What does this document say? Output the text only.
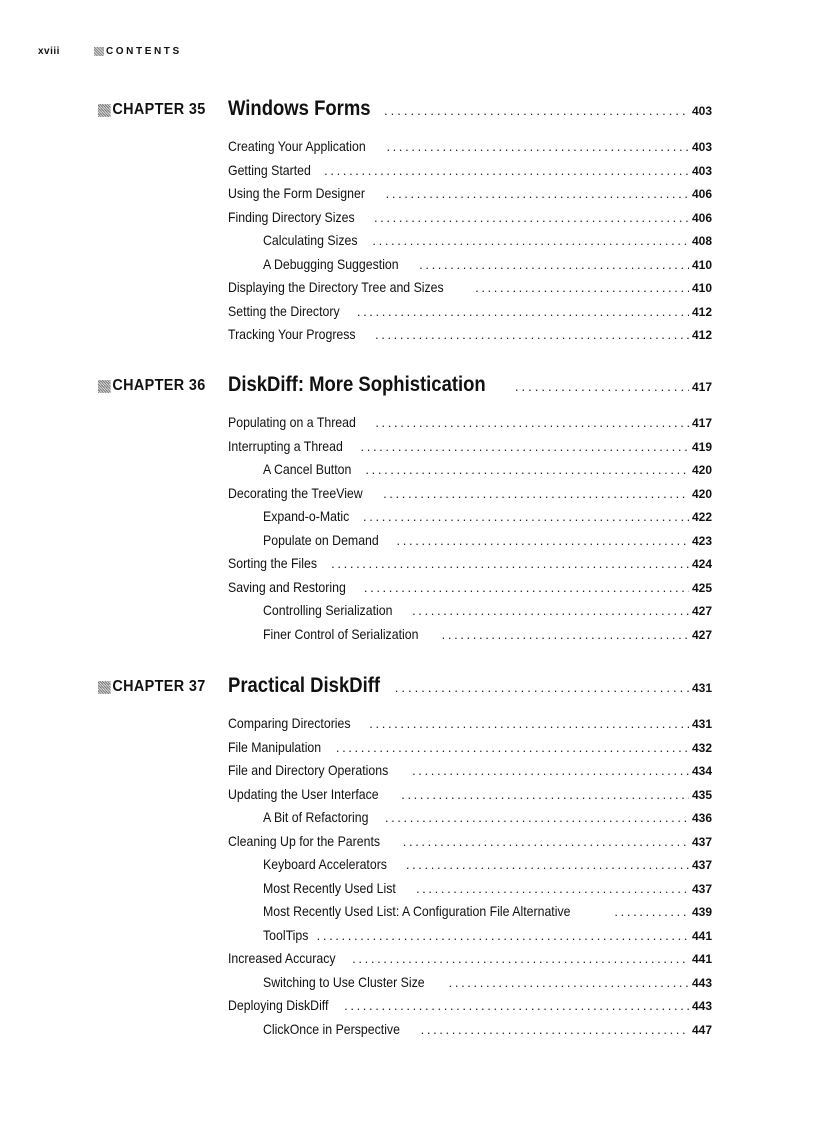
xviii	CONTENTS
CHAPTER 35 Windows Forms . . .	403
Creating Your Application . . .	403
Getting Started . . .	403
Using the Form Designer . . .	406
Finding Directory Sizes . . .	406
Calculating Sizes . . .	408
A Debugging Suggestion . . .	410
Displaying the Directory Tree and Sizes . . .	410
Setting the Directory . . .	412
Tracking Your Progress . . .	412
CHAPTER 36 DiskDiff: More Sophistication . . .	417
Populating on a Thread . . .	417
Interrupting a Thread . . .	419
A Cancel Button . . .	420
Decorating the TreeView . . .	420
Expand-o-Matic . . .	422
Populate on Demand . . .	423
Sorting the Files . . .	424
Saving and Restoring . . .	425
Controlling Serialization . . .	427
Finer Control of Serialization . . .	427
CHAPTER 37 Practical DiskDiff . . .	431
Comparing Directories . . .	431
File Manipulation . . .	432
File and Directory Operations . . .	434
Updating the User Interface . . .	435
A Bit of Refactoring . . .	436
Cleaning Up for the Parents . . .	437
Keyboard Accelerators . . .	437
Most Recently Used List . . .	437
Most Recently Used List: A Configuration File Alternative . . .	439
ToolTips . . .	441
Increased Accuracy . . .	441
Switching to Use Cluster Size . . .	443
Deploying DiskDiff . . .	443
ClickOnce in Perspective . . .	447
